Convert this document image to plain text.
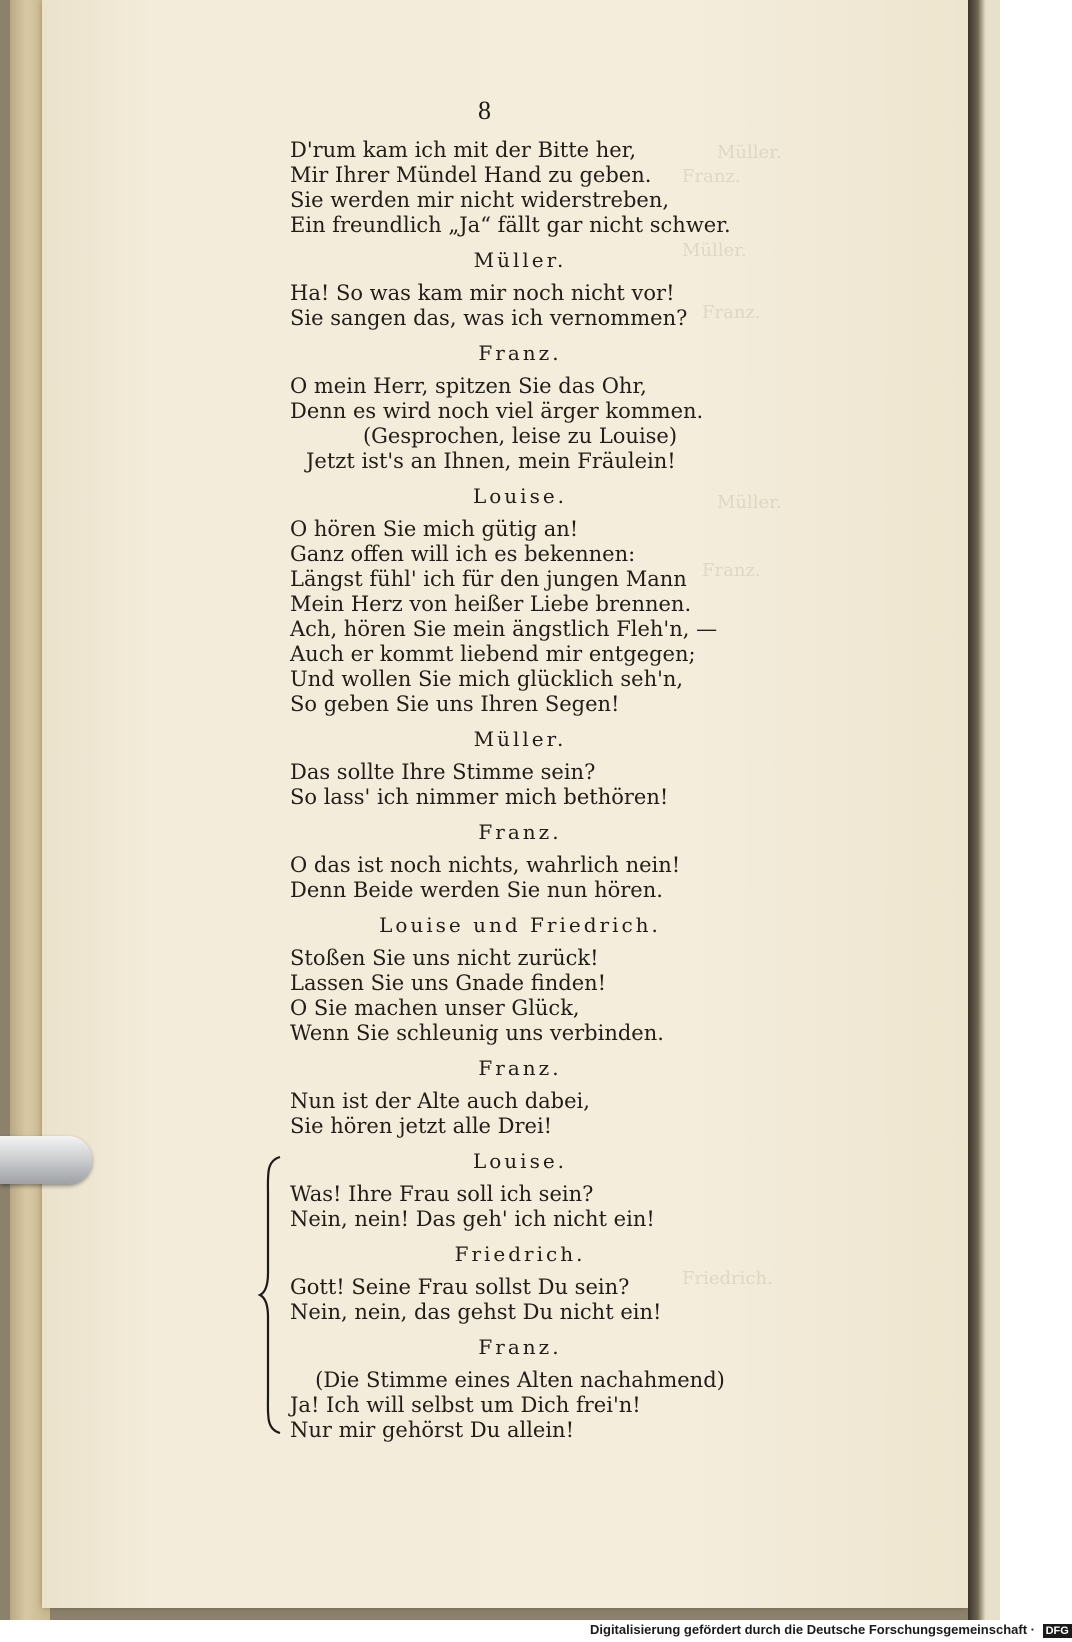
Müller.
Franz.
Müller.
Franz.
Müller.
Franz.
Friedrich.
8
D'rum kam ich mit der Bitte her,
Mir Ihrer Mündel Hand zu geben.
Sie werden mir nicht widerstreben,
Ein freundlich „Ja“ fällt gar nicht schwer.
Müller.
Ha! So was kam mir noch nicht vor!
Sie sangen das, was ich vernommen?
Franz.
O mein Herr, spitzen Sie das Ohr,
Denn es wird noch viel ärger kommen.
(Gesprochen, leise zu Louise)
Jetzt ist's an Ihnen, mein Fräulein!
Louise.
O hören Sie mich gütig an!
Ganz offen will ich es bekennen:
Längst fühl' ich für den jungen Mann
Mein Herz von heißer Liebe brennen.
Ach, hören Sie mein ängstlich Fleh'n, —
Auch er kommt liebend mir entgegen;
Und wollen Sie mich glücklich seh'n,
So geben Sie uns Ihren Segen!
Müller.
Das sollte Ihre Stimme sein?
So lass' ich nimmer mich bethören!
Franz.
O das ist noch nichts, wahrlich nein!
Denn Beide werden Sie nun hören.
Louise und Friedrich.
Stoßen Sie uns nicht zurück!
Lassen Sie uns Gnade finden!
O Sie machen unser Glück,
Wenn Sie schleunig uns verbinden.
Franz.
Nun ist der Alte auch dabei,
Sie hören jetzt alle Drei!
Louise.
Was! Ihre Frau soll ich sein?
Nein, nein! Das geh' ich nicht ein!
Friedrich.
Gott! Seine Frau sollst Du sein?
Nein, nein, das gehst Du nicht ein!
Franz.
(Die Stimme eines Alten nachahmend)
Ja! Ich will selbst um Dich frei'n!
Nur mir gehörst Du allein!
Digitalisierung gefördert durch die Deutsche Forschungsgemeinschaft · DFG
